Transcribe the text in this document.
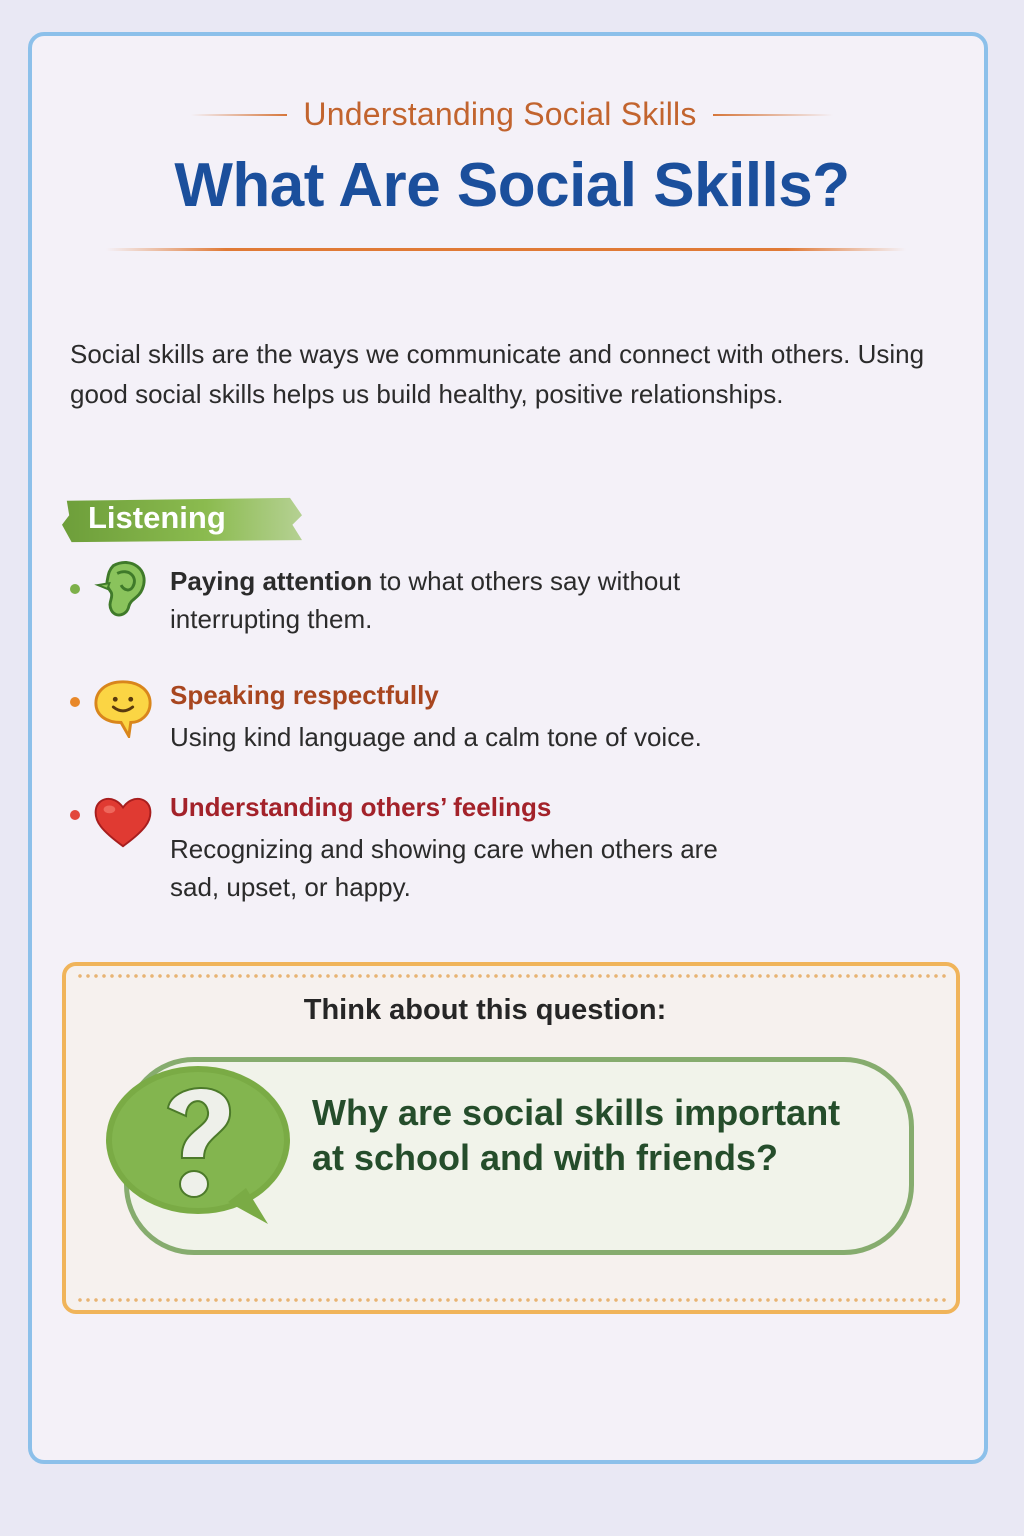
Understanding Social Skills
What Are Social Skills?

Social skills are the ways we communicate and connect with others. Using good social skills helps us build healthy, positive relationships.

Listening
Paying attention to what others say without interrupting them.
Speaking respectfully
Using kind language and a calm tone of voice.
Understanding others’ feelings
Recognizing and showing care when others are sad, upset, or happy.
Think about this question:
Why are social skills important at school and with friends?
